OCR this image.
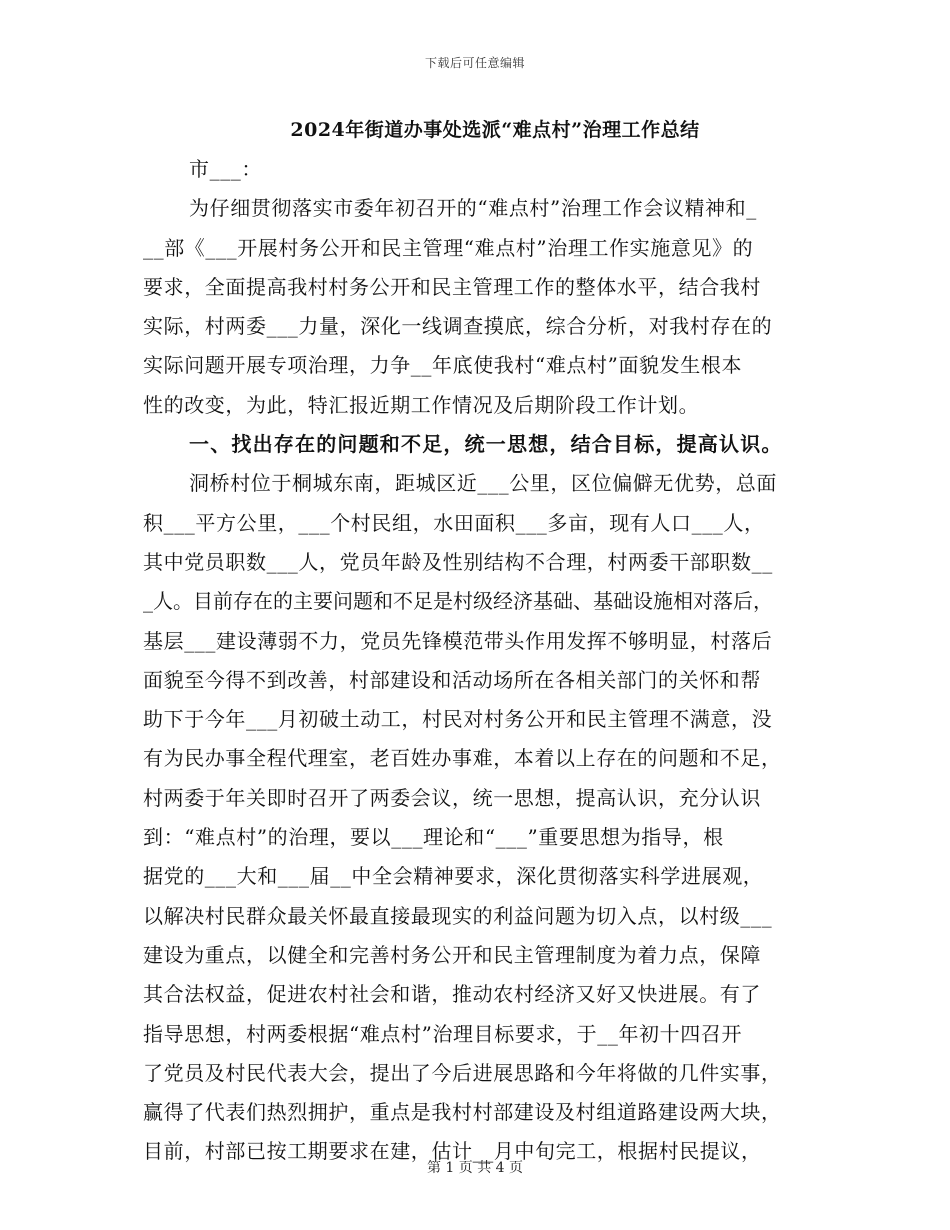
下载后可任意编辑
2024年街道办事处选派“难点村”治理工作总结
市___：
为仔细贯彻落实市委年初召开的“难点村”治理工作会议精神和_
__部《___开展村务公开和民主管理“难点村”治理工作实施意见》的
要求，全面提高我村村务公开和民主管理工作的整体水平，结合我村
实际，村两委___力量，深化一线调查摸底，综合分析，对我村存在的
实际问题开展专项治理，力争__年底使我村“难点村”面貌发生根本
性的改变，为此，特汇报近期工作情况及后期阶段工作计划。
一、找出存在的问题和不足，统一思想，结合目标，提高认识。
洞桥村位于桐城东南，距城区近___公里，区位偏僻无优势，总面
积___平方公里，___个村民组，水田面积___多亩，现有人口___人，
其中党员职数___人，党员年龄及性别结构不合理，村两委干部职数__
_人。目前存在的主要问题和不足是村级经济基础、基础设施相对落后，
基层___建设薄弱不力，党员先锋模范带头作用发挥不够明显，村落后
面貌至今得不到改善，村部建设和活动场所在各相关部门的关怀和帮
助下于今年___月初破土动工，村民对村务公开和民主管理不满意，没
有为民办事全程代理室，老百姓办事难，本着以上存在的问题和不足，
村两委于年关即时召开了两委会议，统一思想，提高认识，充分认识
到：“难点村”的治理，要以___理论和“___”重要思想为指导，根
据党的___大和___届__中全会精神要求，深化贯彻落实科学进展观，
以解决村民群众最关怀最直接最现实的利益问题为切入点，以村级___
建设为重点，以健全和完善村务公开和民主管理制度为着力点，保障
其合法权益，促进农村社会和谐，推动农村经济又好又快进展。有了
指导思想，村两委根据“难点村”治理目标要求，于__年初十四召开
了党员及村民代表大会，提出了今后进展思路和今年将做的几件实事，
赢得了代表们热烈拥护，重点是我村村部建设及村组道路建设两大块，
目前，村部已按工期要求在建，估计__月中旬完工，根据村民提议，
第 1 页 共 4 页
